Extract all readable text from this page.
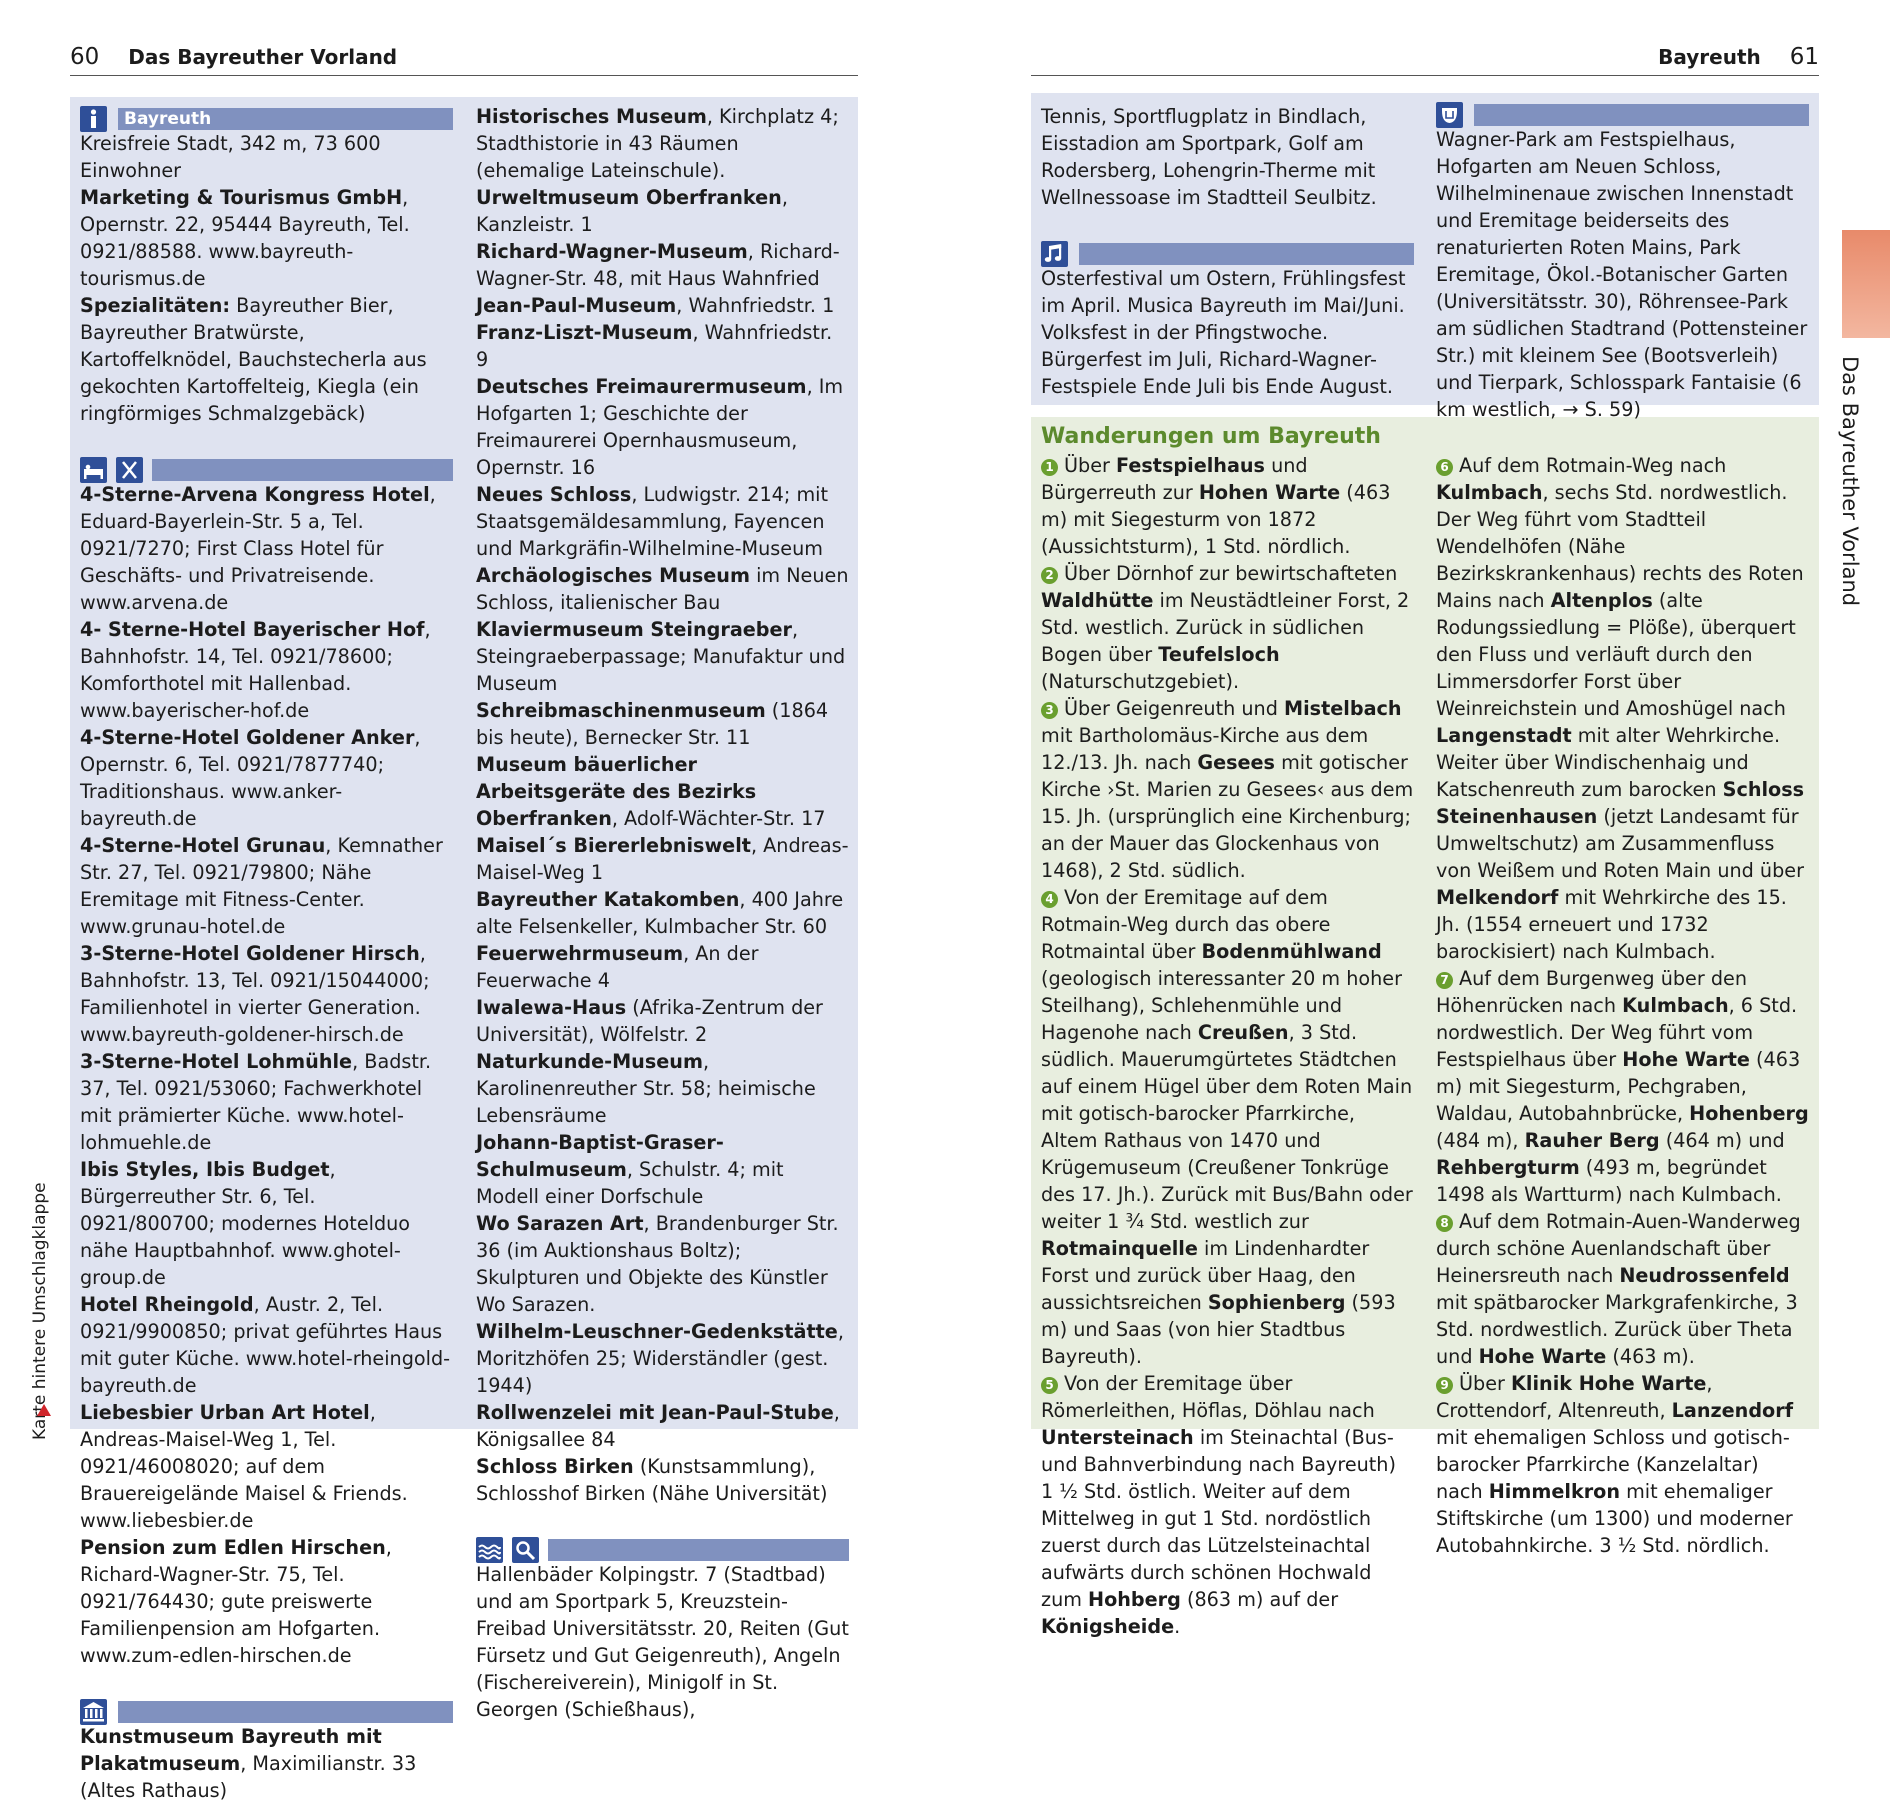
60 Das Bayreuther Vorland	Bayreuth 61
Bayreuth

Kreisfreie Stadt, 342 m, 73 600 Einwohner

Marketing & Tourismus GmbH, Opernstr. 22, 95444 Bayreuth, Tel. 0921/88588. www.bayreuth-tourismus.de

Spezialitäten: Bayreuther Bier, Bayreuther Bratwürste, Kartoffelknödel, Bauchstecherla aus gekochten Kartoffelteig, Kiegla (ein ringförmiges Schmalzgebäck)

4-Sterne-Arvena Kongress Hotel, Eduard-Bayerlein-Str. 5 a, Tel. 0921/7270; First Class Hotel für Geschäfts- und Privatreisende. www.arvena.de

4- Sterne-Hotel Bayerischer Hof, Bahnhofstr. 14, Tel. 0921/78600; Komforthotel mit Hallenbad. www.bayerischer-hof.de

4-Sterne-Hotel Goldener Anker, Opernstr. 6, Tel. 0921/7877740; Traditionshaus. www.anker-bayreuth.de

4-Sterne-Hotel Grunau, Kemnather Str. 27, Tel. 0921/79800; Nähe Eremitage mit Fitness-Center. www.grunau-hotel.de

3-Sterne-Hotel Goldener Hirsch, Bahnhofstr. 13, Tel. 0921/15044000; Familienhotel in vierter Generation. www.bayreuth-goldener-hirsch.de

3-Sterne-Hotel Lohmühle, Badstr. 37, Tel. 0921/53060; Fachwerkhotel mit prämierter Küche. www.hotel-lohmuehle.de

Ibis Styles, Ibis Budget, Bürgerreuther Str. 6, Tel. 0921/800700; modernes Hotelduo nähe Hauptbahnhof. www.ghotel-group.de

Hotel Rheingold, Austr. 2, Tel. 0921/9900850; privat geführtes Haus mit guter Küche. www.hotel-rheingold-bayreuth.de

Liebesbier Urban Art Hotel, Andreas-Maisel-Weg 1, Tel. 0921/46008020; auf dem Brauereigelände Maisel & Friends. www.liebesbier.de

Pension zum Edlen Hirschen, Richard-Wagner-Str. 75, Tel. 0921/764430; gute preiswerte Familienpension am Hofgarten. www.zum-edlen-hirschen.de

Kunstmuseum Bayreuth mit Plakatmuseum, Maximilianstr. 33 (Altes Rathaus)

Historisches Museum, Kirchplatz 4; Stadthistorie in 43 Räumen (ehemalige Lateinschule).

Urweltmuseum Oberfranken, Kanzleistr. 1

Richard-Wagner-Museum, Richard-Wagner-Str. 48, mit Haus Wahnfried

Jean-Paul-Museum, Wahnfriedstr. 1

Franz-Liszt-Museum, Wahnfriedstr. 9

Deutsches Freimaurermuseum, Im Hofgarten 1; Geschichte der Freimaurerei Opernhausmuseum, Opernstr. 16

Neues Schloss, Ludwigstr. 214; mit Staatsgemäldesammlung, Fayencen und Markgräfin-Wilhelmine-Museum

Archäologisches Museum im Neuen Schloss, italienischer Bau

Klaviermuseum Steingraeber, Steingraeberpassage; Manufaktur und Museum

Schreibmaschinenmuseum (1864 bis heute), Bernecker Str. 11

Museum bäuerlicher Arbeitsgeräte des Bezirks Oberfranken, Adolf-Wächter-Str. 17

Maisel´s Biererlebniswelt, Andreas-Maisel-Weg 1

Bayreuther Katakomben, 400 Jahre alte Felsenkeller, Kulmbacher Str. 60

Feuerwehrmuseum, An der Feuerwache 4

Iwalewa-Haus (Afrika-Zentrum der Universität), Wölfelstr. 2

Naturkunde-Museum, Karolinenreuther Str. 58; heimische Lebensräume

Johann-Baptist-Graser-Schulmuseum, Schulstr. 4; mit Modell einer Dorfschule

Wo Sarazen Art, Brandenburger Str. 36 (im Auktionshaus Boltz); Skulpturen und Objekte des Künstler Wo Sarazen.

Wilhelm-Leuschner-Gedenkstätte, Moritzhöfen 25; Widerständler (gest. 1944)

Rollwenzelei mit Jean-Paul-Stube, Königsallee 84

Schloss Birken (Kunstsammlung), Schlosshof Birken (Nähe Universität)

Hallenbäder Kolpingstr. 7 (Stadtbad) und am Sportpark 5, Kreuzstein-Freibad Universitätsstr. 20, Reiten (Gut Fürsetz und Gut Geigenreuth), Angeln (Fischereiverein), Minigolf in St. Georgen (Schießhaus),

Tennis, Sportflugplatz in Bindlach, Eisstadion am Sportpark, Golf am Rodersberg, Lohengrin-Therme mit Wellnessoase im Stadtteil Seulbitz.

Osterfestival um Ostern, Frühlingsfest im April. Musica Bayreuth im Mai/Juni. Volksfest in der Pfingstwoche. Bürgerfest im Juli, Richard-Wagner-Festspiele Ende Juli bis Ende August.

Wagner-Park am Festspielhaus, Hofgarten am Neuen Schloss, Wilhelminenaue zwischen Innenstadt und Eremitage beiderseits des renaturierten Roten Mains, Park Eremitage, Ökol.-Botanischer Garten (Universitätsstr. 30), Röhrensee-Park am südlichen Stadtrand (Pottensteiner Str.) mit kleinem See (Bootsverleih) und Tierpark, Schlosspark Fantaisie (6 km westlich, → S. 59)

Wanderungen um Bayreuth

1 Über Festspielhaus und Bürgerreuth zur Hohen Warte (463 m) mit Siegesturm von 1872 (Aussichtsturm), 1 Std. nördlich.

2 Über Dörnhof zur bewirtschafteten Waldhütte im Neustädtleiner Forst, 2 Std. westlich. Zurück in südlichen Bogen über Teufelsloch (Naturschutzgebiet).

3 Über Geigenreuth und Mistelbach mit Bartholomäus-Kirche aus dem 12./13. Jh. nach Gesees mit gotischer Kirche ›St. Marien zu Gesees‹ aus dem 15. Jh. (ursprünglich eine Kirchenburg; an der Mauer das Glockenhaus von 1468), 2 Std. südlich.

4 Von der Eremitage auf dem Rotmain-Weg durch das obere Rotmaintal über Bodenmühlwand (geologisch interessanter 20 m hoher Steilhang), Schlehenmühle und Hagenohe nach Creußen, 3 Std. südlich. Mauerumgürtetes Städtchen auf einem Hügel über dem Roten Main mit gotisch-barocker Pfarrkirche, Altem Rathaus von 1470 und Krügemuseum (Creußener Tonkrüge des 17. Jh.). Zurück mit Bus/Bahn oder weiter 1 ¾ Std. westlich zur Rotmainquelle im Lindenhardter Forst und zurück über Haag, den aussichtsreichen Sophienberg (593 m) und Saas (von hier Stadtbus Bayreuth).

5 Von der Eremitage über Römerleithen, Höflas, Döhlau nach Untersteinach im Steinachtal (Bus- und Bahnverbindung nach Bayreuth) 1 ½ Std. östlich. Weiter auf dem Mittelweg in gut 1 Std. nordöstlich zuerst durch das Lützelsteinachtal aufwärts durch schönen Hochwald zum Hohberg (863 m) auf der Königsheide.

6 Auf dem Rotmain-Weg nach Kulmbach, sechs Std. nordwestlich. Der Weg führt vom Stadtteil Wendelhöfen (Nähe Bezirkskrankenhaus) rechts des Roten Mains nach Altenplos (alte Rodungssiedlung = Plöße), überquert den Fluss und verläuft durch den Limmersdorfer Forst über Weinreichstein und Amoshügel nach Langenstadt mit alter Wehrkirche. Weiter über Windischenhaig und Katschenreuth zum barocken Schloss Steinenhausen (jetzt Landesamt für Umweltschutz) am Zusammenfluss von Weißem und Roten Main und über Melkendorf mit Wehrkirche des 15. Jh. (1554 erneuert und 1732 barockisiert) nach Kulmbach.

7 Auf dem Burgenweg über den Höhenrücken nach Kulmbach, 6 Std. nordwestlich. Der Weg führt vom Festspielhaus über Hohe Warte (463 m) mit Siegesturm, Pechgraben, Waldau, Autobahnbrücke, Hohenberg (484 m), Rauher Berg (464 m) und Rehbergturm (493 m, begründet 1498 als Wartturm) nach Kulmbach.

8 Auf dem Rotmain-Auen-Wanderweg durch schöne Auenlandschaft über Heinersreuth nach Neudrossenfeld mit spätbarocker Markgrafenkirche, 3 Std. nordwestlich. Zurück über Theta und Hohe Warte (463 m).

9 Über Klinik Hohe Warte, Crottendorf, Altenreuth, Lanzendorf mit ehemaligen Schloss und gotisch-barocker Pfarrkirche (Kanzelaltar) nach Himmelkron mit ehemaliger Stiftskirche (um 1300) und moderner Autobahnkirche. 3 ½ Std. nördlich.

Das Bayreuther Vorland
Karte hintere Umschlagklappe
